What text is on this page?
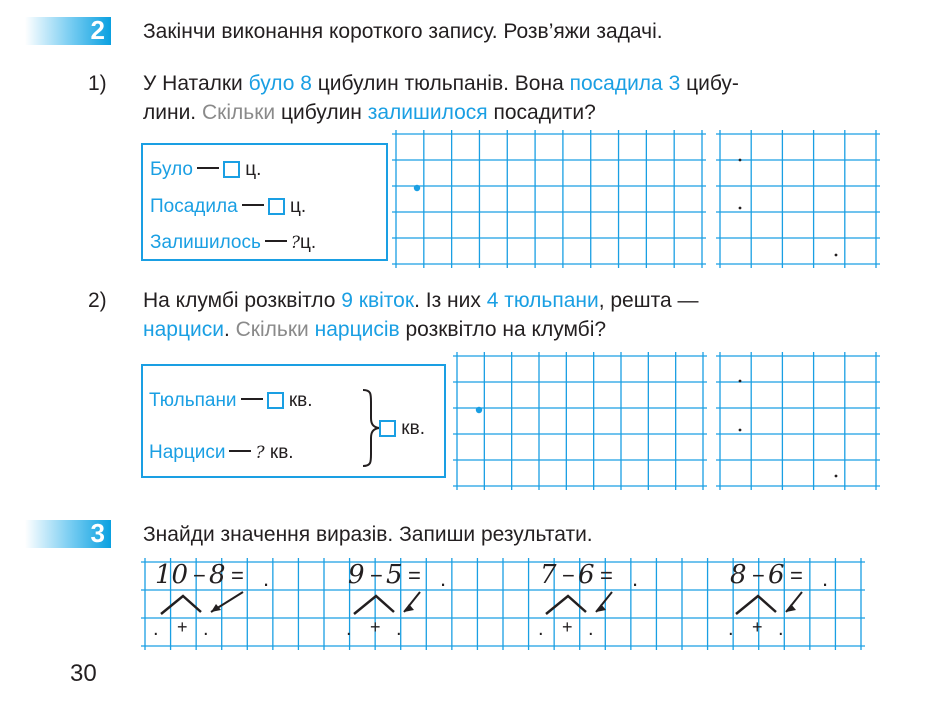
2 Закінчи виконання короткого запису. Розв’яжи задачі.
1) У Наталки було 8 цибулин тюльпанів. Вона посадила 3 цибу-
лини. Скільки цибулин залишилося посадити?
Було	ц.
Посадила	ц.
Залишилось ?ц.
2) На клумбі розквітло 9 квіток. Із них 4 тюльпани, решта —
нарциси. Скільки нарцисів розквітло на клумбі?
Тюльпани	кв.
Нарциси ? кв.
кв.
3 Знайди значення виразів. Запиши результати.
10 − 8 = .
. + .
9 − 5 = .
. + .
7 − 6 = .
. + .
8 − 6 = .
. + .
30
